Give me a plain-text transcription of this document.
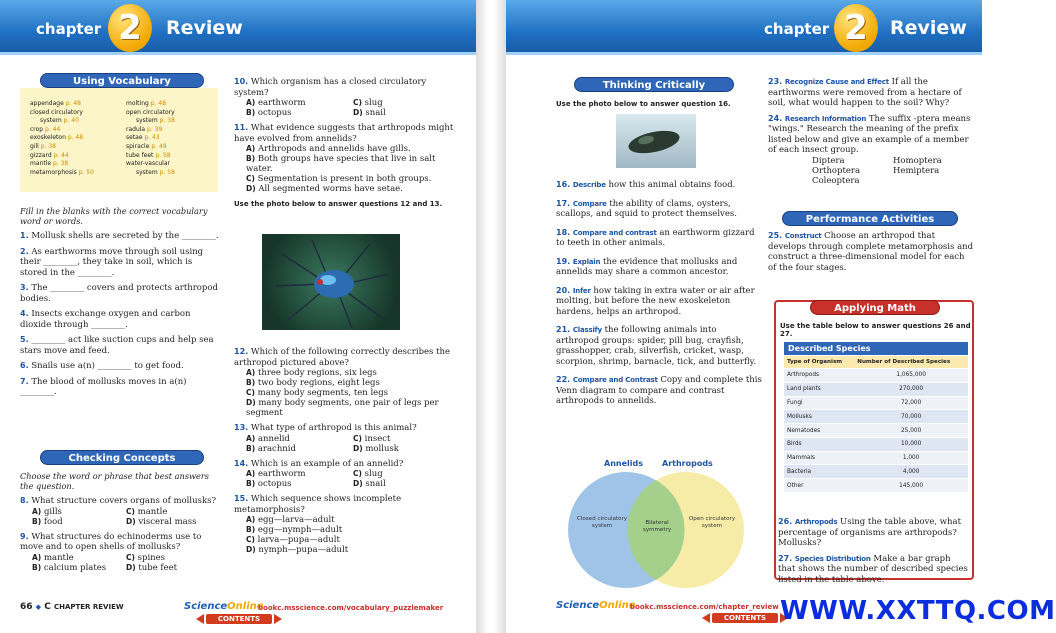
chapter 2	Review
Using Vocabulary
appendage p. 48
closed circulatory
system p. 40
crop p. 44
exoskeleton p. 48
gill p. 38
gizzard p. 44
mantle p. 38
metamorphosis p. 50
molting p. 48
open circulatory
system p. 38
radula p. 39
setae p. 43
spiracle p. 49
tube feet p. 58
water-vascular
system p. 58
Fill in the blanks with the correct vocabulary word or words.
1. Mollusk shells are secreted by the ________.
2. As earthworms move through soil using their ________, they take in soil, which is stored in the ________.
3. The ________ covers and protects arthropod bodies.
4. Insects exchange oxygen and carbon dioxide through ________.
5. ________ act like suction cups and help sea stars move and feed.
6. Snails use a(n) ________ to get food.
7. The blood of mollusks moves in a(n) ________.
Checking Concepts
Choose the word or phrase that best answers the question.
8. What structure covers organs of mollusks?
A) gills	C) mantle
B) food	D) visceral mass
9. What structures do echinoderms use to move and to open shells of mollusks?
A) mantle	C) spines
B) calcium plates	D) tube feet
10. Which organism has a closed circulatory system?
A) earthworm	C) slug
B) octopus	D) snail
11. What evidence suggests that arthropods might have evolved from annelids?
A) Arthropods and annelids have gills.
B) Both groups have species that live in salt water.
C) Segmentation is present in both groups.
D) All segmented worms have setae.
Use the photo below to answer questions 12 and 13.
12. Which of the following correctly describes the arthropod pictured above?
A) three body regions, six legs
B) two body regions, eight legs
C) many body segments, ten legs
D) many body segments, one pair of legs per segment
13. What type of arthropod is this animal?
A) annelid	C) insect
B) arachnid	D) mollusk
14. Which is an example of an annelid?
A) earthworm	C) slug
B) octopus	D) snail
15. Which sequence shows incomplete metamorphosis?
A) egg—larva—adult
B) egg—nymph—adult
C) larva—pupa—adult
D) nymph—pupa—adult
66 ◆ C CHAPTER REVIEW	ScienceOnline
bookc.msscience.com/vocabulary_puzzlemaker
CONTENTS
chapter 2	Review
Thinking Critically
Use the photo below to answer question 16.
16. Describe how this animal obtains food.
17. Compare the ability of clams, oysters, scallops, and squid to protect themselves.
18. Compare and contrast an earthworm gizzard to teeth in other animals.
19. Explain the evidence that mollusks and annelids may share a common ancestor.
20. Infer how taking in extra water or air after molting, but before the new exoskeleton hardens, helps an arthropod.
21. Classify the following animals into arthropod groups: spider, pill bug, crayfish, grasshopper, crab, silverfish, cricket, wasp, scorpion, shrimp, barnacle, tick, and butterfly.
22. Compare and Contrast Copy and complete this Venn diagram to compare and contrast arthropods to annelids.
Annelids Arthropods
Closed circulatory system	Bilateral symmetry
Open circulatory system
23. Recognize Cause and Effect If all the earthworms were removed from a hectare of soil, what would happen to the soil? Why?
24. Research Information The suffix -ptera means "wings." Research the meaning of the prefix listed below and give an example of a member of each insect group.
Diptera	Homoptera
Orthoptera	Hemiptera
Coleoptera
Performance Activities
25. Construct Choose an arthropod that develops through complete metamorphosis and construct a three-dimensional model for each of the four stages.
Applying Math
Use the table below to answer questions 26 and 27.
Described Species
Type of Organism	Number of Described Species
Arthropods	1,065,000
Land plants	270,000
Fungi	72,000
Mollusks	70,000
Nematodes	25,000
Birds	10,000
Mammals	1,000
Bacteria	4,000
Other	145,000
26. Arthropods Using the table above, what percentage of organisms are arthropods? Mollusks?
27. Species Distribution Make a bar graph that shows the number of described species listed in the table above.
ScienceOnline
bookc.msscience.com/chapter_review
CONTENTS WWW.XXTTQ.COM
